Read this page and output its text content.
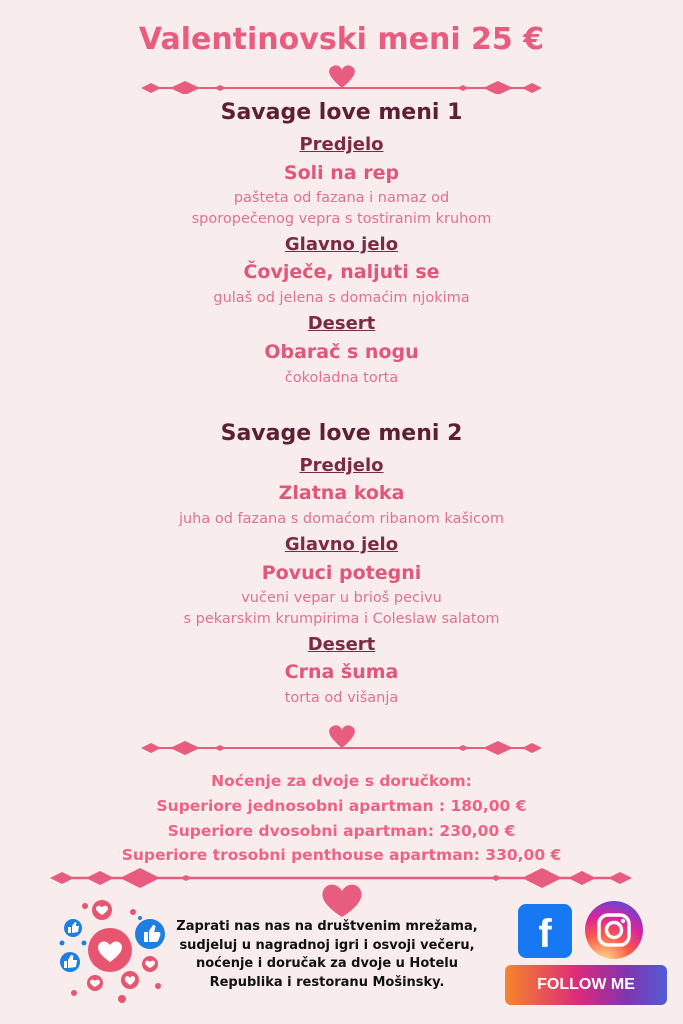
Valentinovski meni 25 €
Savage love meni 1
Predjelo
Soli na rep
pašteta od fazana i namaz od
sporopečenog vepra s tostiranim kruhom
Glavno jelo
Čovječe, naljuti se
gulaš od jelena s domaćim njokima
Desert
Obarač s nogu
čokoladna torta
Savage love meni 2
Predjelo
Zlatna koka
juha od fazana s domaćom ribanom kašicom
Glavno jelo
Povuci potegni
vučeni vepar u brioš pecivu
s pekarskim krumpirima i Coleslaw salatom
Desert
Crna šuma
torta od višanja
Noćenje za dvoje s doručkom:
Superiore jednosobni apartman : 180,00 €
Superiore dvosobni apartman: 230,00 €
Superiore trosobni penthouse apartman: 330,00 €
Zaprati nas nas na društvenim mrežama, sudjeluj u nagradnoj igri i osvoji večeru, noćenje i doručak za dvoje u Hotelu Republika i restoranu Mošinsky.
f
FOLLOW ME
